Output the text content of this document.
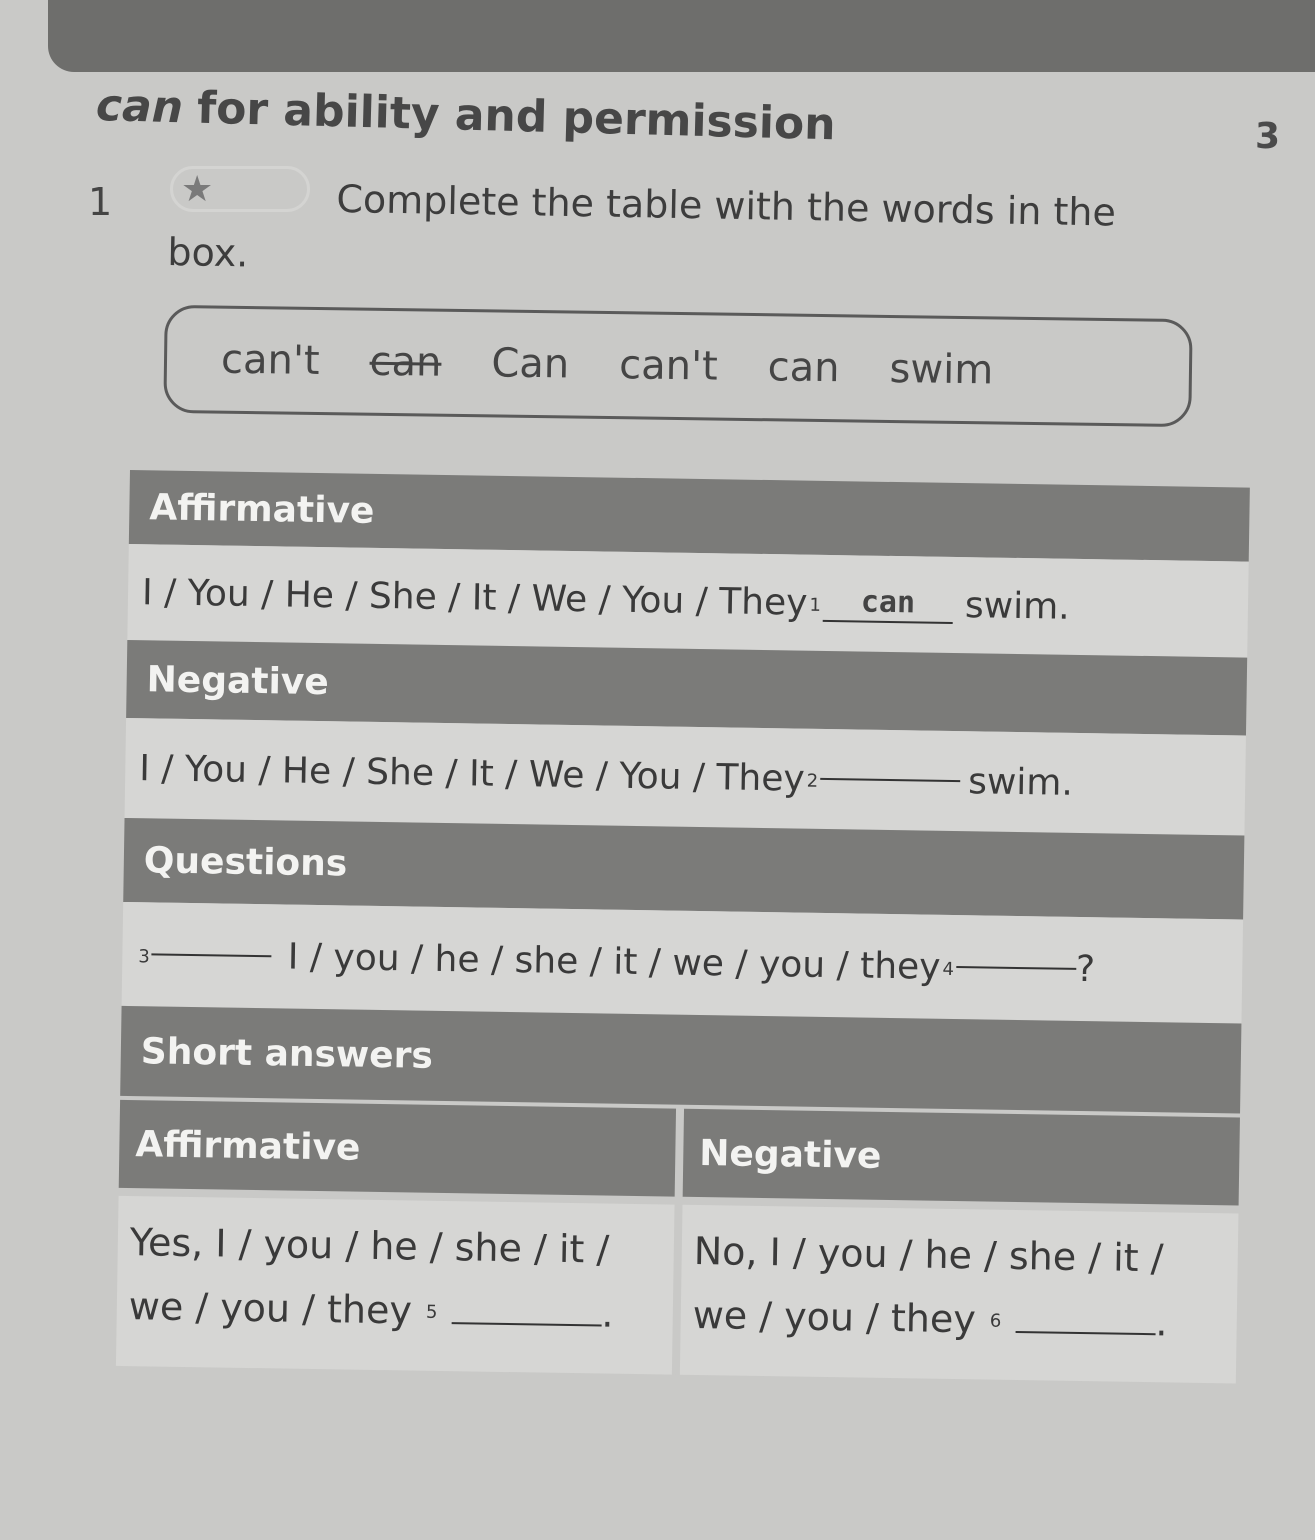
can for ability and permission	3
1 ★	Complete the table with the words in the box.
can't can Can can't can swim
Affirmative
I / You / He / She / It / We / You / They 1	can	swim.
Negative
I / You / He / She / It / We / You / They 2	swim.
Questions
3	I / you / he / she / it / we / you / they 4	?
Short answers
Affirmative	Negative
Yes, I / you / he / she / it /
we / you / they $^5$	.
No, I / you / he / she / it /
we / you / they $^6$	.
